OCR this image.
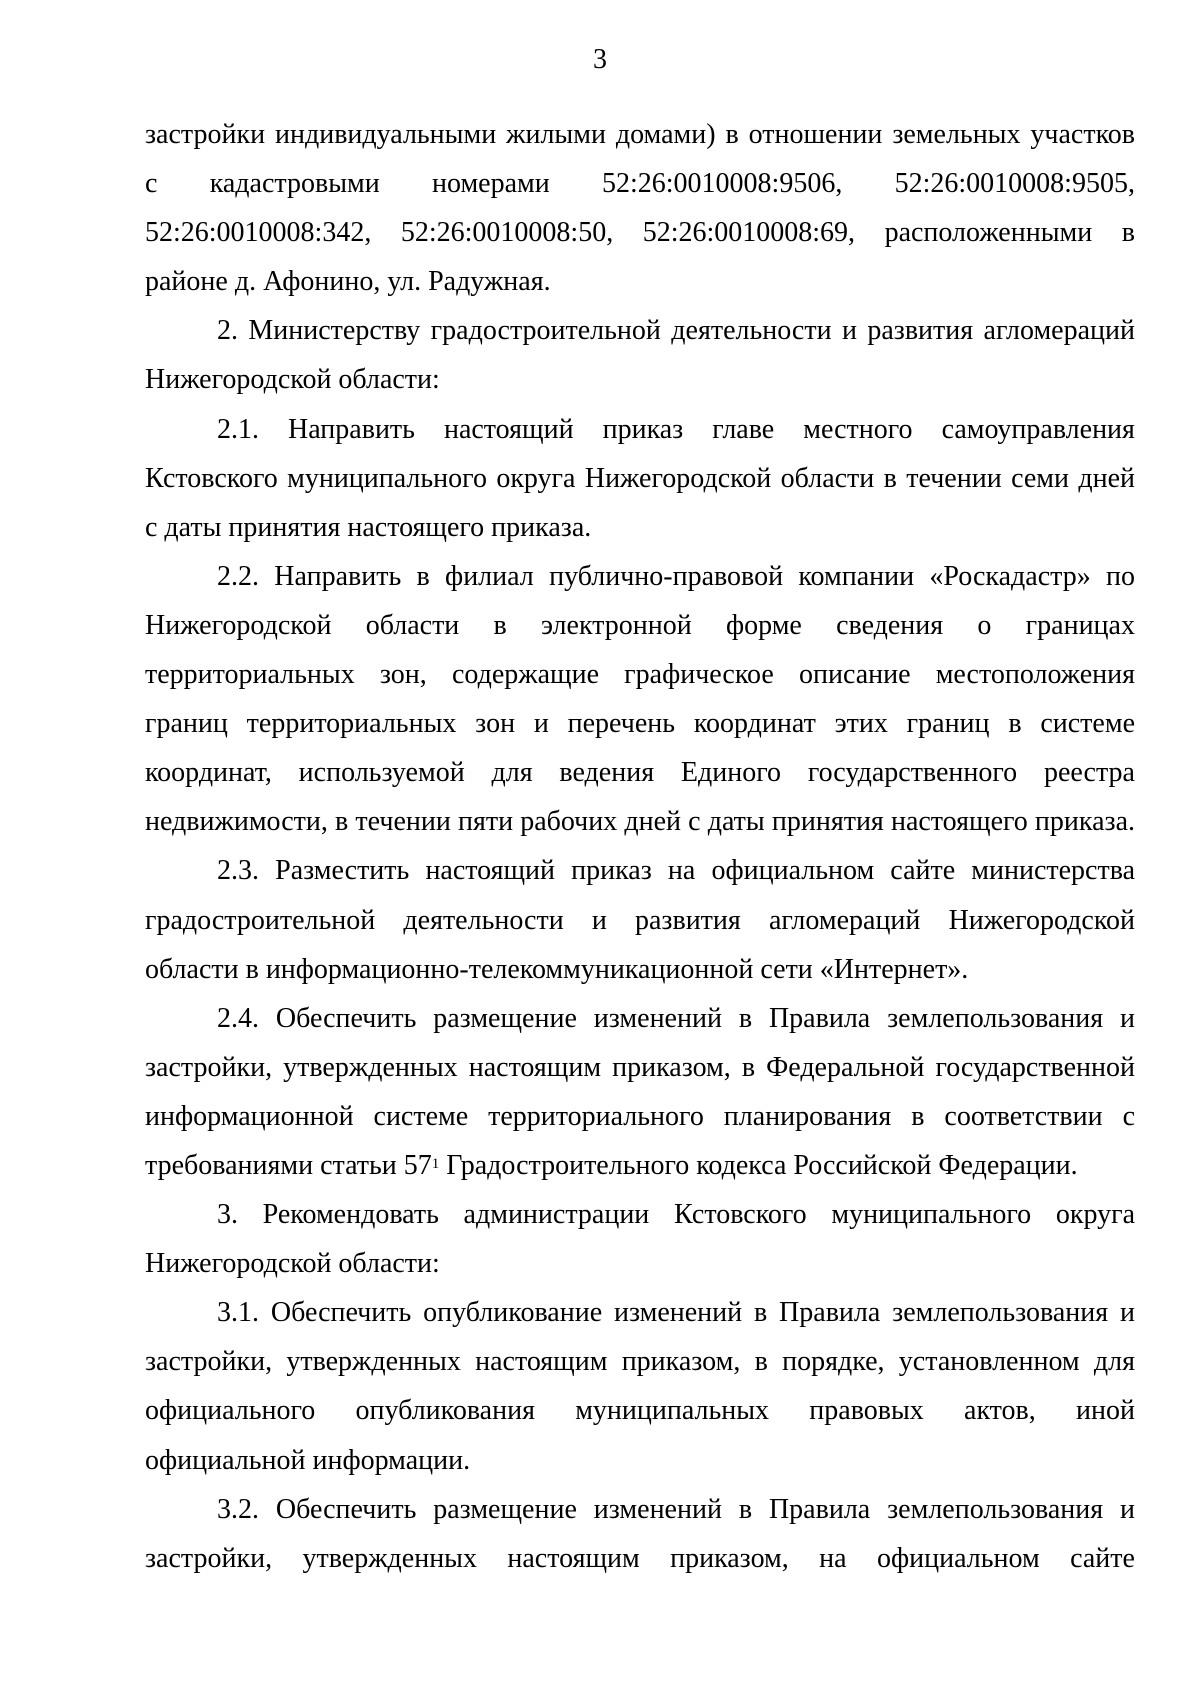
3
застройки индивидуальными жилыми домами) в отношении земельных участков
с кадастровыми номерами 52:26:0010008:9506, 52:26:0010008:9505,
52:26:0010008:342, 52:26:0010008:50, 52:26:0010008:69, расположенными в
районе д. Афонино, ул. Радужная.
2. Министерству градостроительной деятельности и развития агломераций
Нижегородской области:
2.1. Направить настоящий приказ главе местного самоуправления
Кстовского муниципального округа Нижегородской области в течении семи дней
с даты принятия настоящего приказа.
2.2. Направить в филиал публично-правовой компании «Роскадастр» по
Нижегородской области в электронной форме сведения о границах
территориальных зон, содержащие графическое описание местоположения
границ территориальных зон и перечень координат этих границ в системе
координат, используемой для ведения Единого государственного реестра
недвижимости, в течении пяти рабочих дней с даты принятия настоящего приказа.
2.3. Разместить настоящий приказ на официальном сайте министерства
градостроительной деятельности и развития агломераций Нижегородской
области в информационно-телекоммуникационной сети «Интернет».
2.4. Обеспечить размещение изменений в Правила землепользования и
застройки, утвержденных настоящим приказом, в Федеральной государственной
информационной системе территориального планирования в соответствии с
требованиями статьи $57^1$ Градостроительного кодекса Российской Федерации.
3. Рекомендовать администрации Кстовского муниципального округа
Нижегородской области:
3.1. Обеспечить опубликование изменений в Правила землепользования и
застройки, утвержденных настоящим приказом, в порядке, установленном для
официального опубликования муниципальных правовых актов, иной
официальной информации.
3.2. Обеспечить размещение изменений в Правила землепользования и
застройки, утвержденных настоящим приказом, на официальном сайте
